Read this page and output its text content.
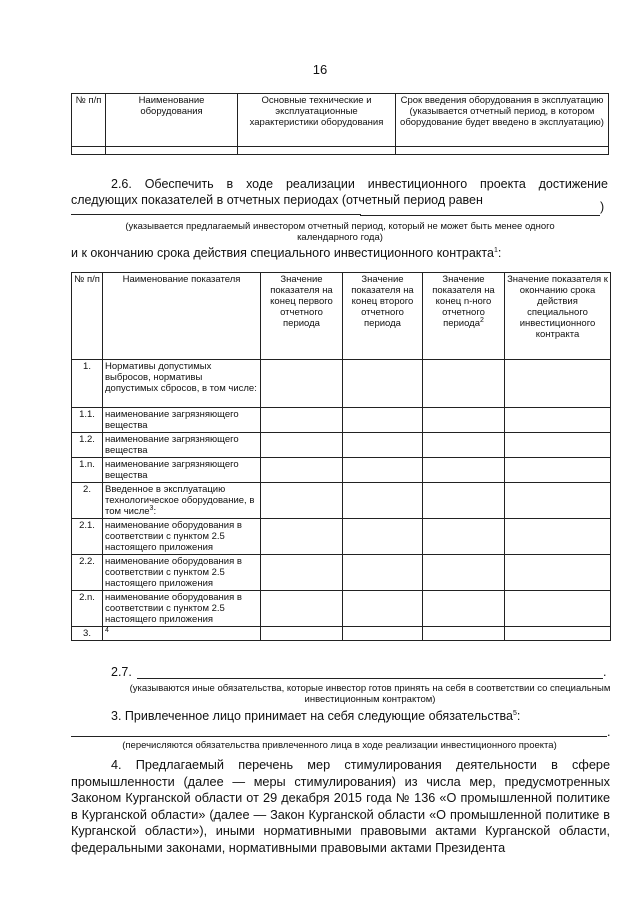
16
№ п/п	Наименование оборудования	Основные технические и эксплуатационные характеристики оборудования	Срок введения оборудования в эксплуатацию (указывается отчетный период, в котором оборудование будет введено в эксплуатацию)

2.6. Обеспечить в ходе реализации инвестиционного проекта достижение следующих показателей в отчетных периодах (отчетный период равен	)
(указывается предлагаемый инвестором отчетный период, который не может быть менее одного календарного года)
и к окончанию срока действия специального инвестиционного контракта$^1$:
№ п/п	Наименование показателя	Значение показателя на конец первого отчетного периода	Значение показателя на конец второго отчетного периода	Значение показателя на конец n-ного отчетного периода$^2$	Значение показателя к окончанию срока действия специального инвестиционного контракта
1.	Нормативы допустимых выбросов, нормативы допустимых сбросов, в том числе:				
1.1.	наименование загрязняющего вещества				
1.2.	наименование загрязняющего вещества				
1.n.	наименование загрязняющего вещества				
2.	Введенное в эксплуатацию технологическое оборудование, в том числе$^3$:				
2.1.	наименование оборудования в соответствии с пунктом 2.5 настоящего приложения				
2.2.	наименование оборудования в соответствии с пунктом 2.5 настоящего приложения				
2.n.	наименование оборудования в соответствии с пунктом 2.5 настоящего приложения				
3.	$^4$				
2.7.	.
(указываются иные обязательства, которые инвестор готов принять на себя в соответствии со специальным инвестиционным контрактом)
3. Привлеченное лицо принимает на себя следующие обязательства$^5$:
.
(перечисляются обязательства привлеченного лица в ходе реализации инвестиционного проекта)
4. Предлагаемый перечень мер стимулирования деятельности в сфере промышленности (далее — меры стимулирования) из числа мер, предусмотренных Законом Курганской области от 29 декабря 2015 года № 136 «О промышленной политике в Курганской области» (далее — Закон Курганской области «О промышленной политике в Курганской области»), иными нормативными правовыми актами Курганской области, федеральными законами, нормативными правовыми актами Президента
